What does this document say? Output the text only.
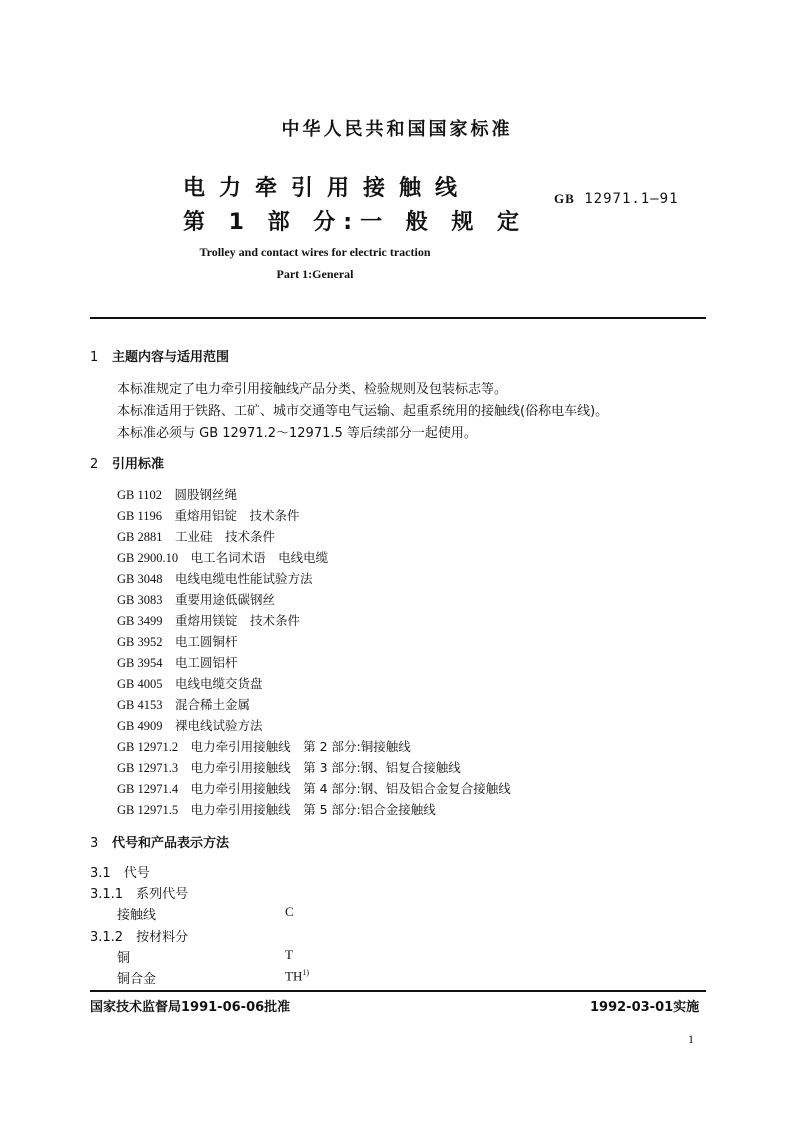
中华人民共和国国家标准
电力牵引用接触线
第 1 部 分:一 般 规 定
GB 12971.1—91
Trolley and contact wires for electric traction
Part 1:General
1 主题内容与适用范围
本标准规定了电力牵引用接触线产品分类、检验规则及包装标志等。
本标准适用于铁路、工矿、城市交通等电气运输、起重系统用的接触线(俗称电车线)。
本标准必须与 GB 12971.2～12971.5 等后续部分一起使用。
2 引用标准
GB 1102　 圆股钢丝绳
GB 1196　 重熔用铝锭　技术条件
GB 2881　 工业硅　技术条件
GB 2900.10　 电工名词术语　电线电缆
GB 3048　 电线电缆电性能试验方法
GB 3083　 重要用途低碳钢丝
GB 3499　 重熔用镁锭　技术条件
GB 3952　 电工圆铜杆
GB 3954　 电工圆铝杆
GB 4005　 电线电缆交货盘
GB 4153　 混合稀土金属
GB 4909　 裸电线试验方法
GB 12971.2　 电力牵引用接触线　第 2 部分:铜接触线
GB 12971.3　 电力牵引用接触线　第 3 部分:钢、铝复合接触线
GB 12971.4　 电力牵引用接触线　第 4 部分:钢、铝及铝合金复合接触线
GB 12971.5　 电力牵引用接触线　第 5 部分:铝合金接触线
3 代号和产品表示方法
3.1　 代号
3.1.1　 系列代号
接触线	C
3.1.2　 按材料分
铜	T
铜合金	TH$^{1)}$
国家技术监督局1991-06-06批准	1992-03-01实施
1
